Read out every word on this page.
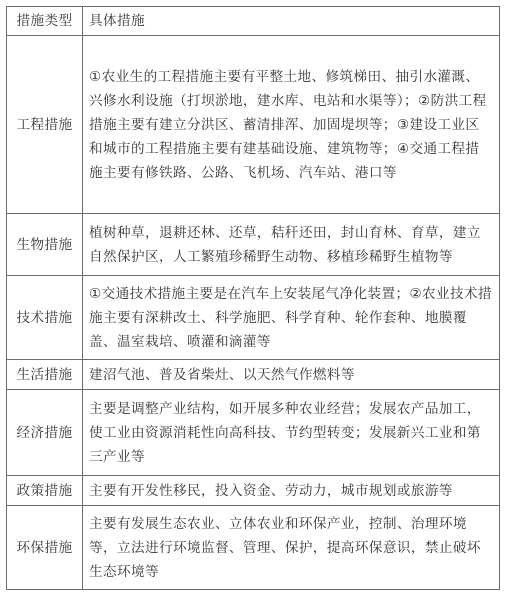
措施类型	具体措施
工程措施	①农业生的工程措施主要有平整土地、修筑梯田、抽引水灌溉、兴修水利设施（打坝淤地，建水库、电站和水渠等）；②防洪工程措施主要有建立分洪区、蓄清排浑、加固堤坝等；③建设工业区和城市的工程措施主要有建基础设施、建筑物等；④交通工程措施主要有修铁路、公路、飞机场、汽车站、港口等
生物措施	植树种草，退耕还林、还草，秸秆还田，封山育林、育草，建立自然保护区，人工繁殖珍稀野生动物、移植珍稀野生植物等
技术措施	①交通技术措施主要是在汽车上安装尾气净化装置；②农业技术措施主要有深耕改土、科学施肥、科学育种、轮作套种、地膜覆盖、温室栽培、喷灌和滴灌等
生活措施	建沼气池、普及省柴灶、以天然气作燃料等
经济措施	主要是调整产业结构，如开展多种农业经营；发展农产品加工，使工业由资源消耗性向高科技、节约型转变；发展新兴工业和第三产业等
政策措施	主要有开发性移民，投入资金、劳动力，城市规划或旅游等
环保措施	主要有发展生态农业、立体农业和环保产业，控制、治理环境等，立法进行环境监督、管理、保护，提高环保意识，禁止破坏生态环境等
